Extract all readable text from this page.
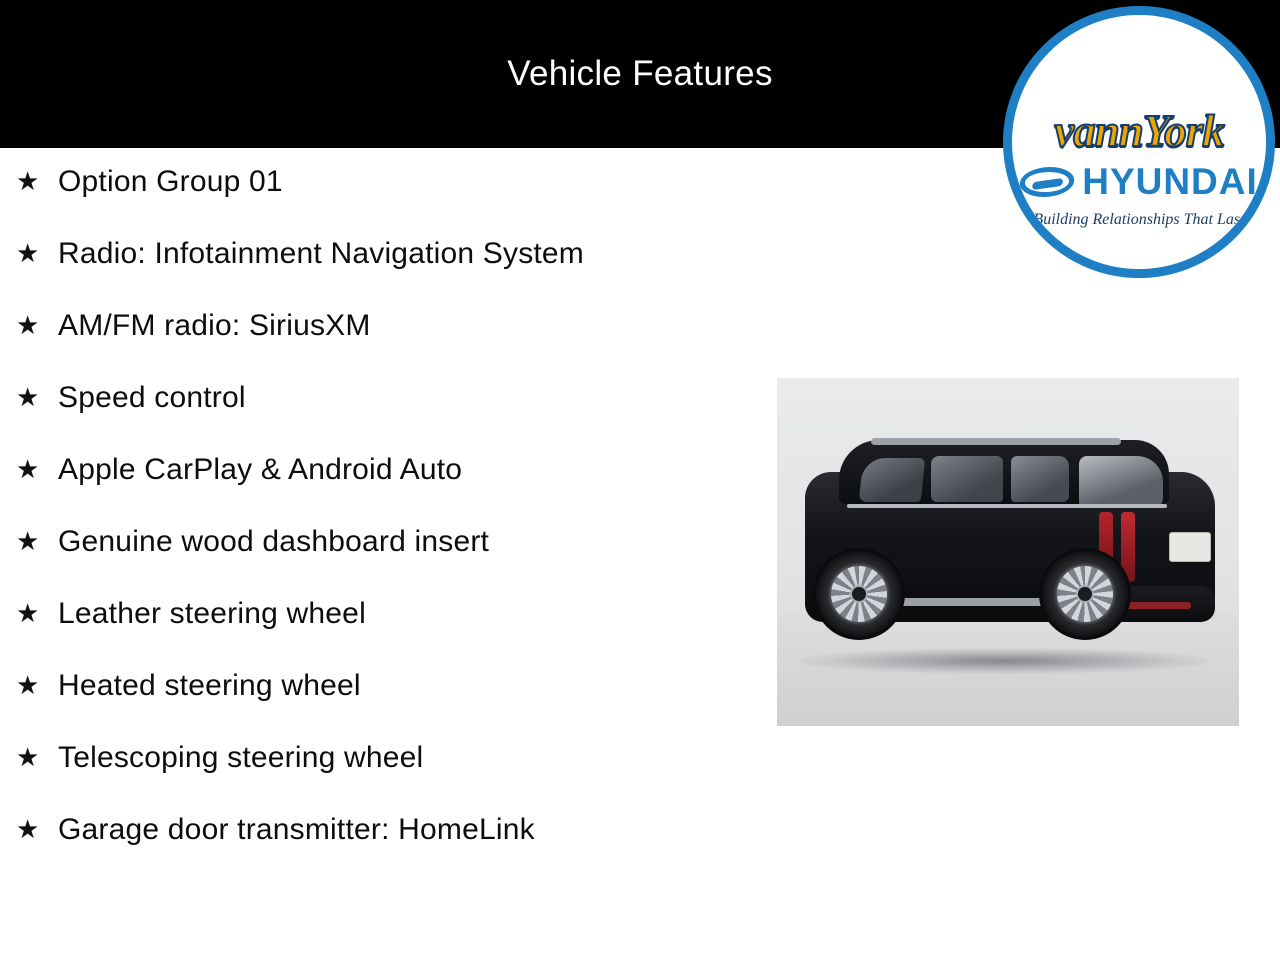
Vehicle Features
★ Option Group 01
★ Radio: Infotainment Navigation System
★ AM/FM radio: SiriusXM
★ Speed control
★ Apple CarPlay & Android Auto
★ Genuine wood dashboard insert
★ Leather steering wheel
★ Heated steering wheel
★ Telescoping steering wheel
★ Garage door transmitter: HomeLink
vannYork
HYUNDAI
Building Relationships That Last
